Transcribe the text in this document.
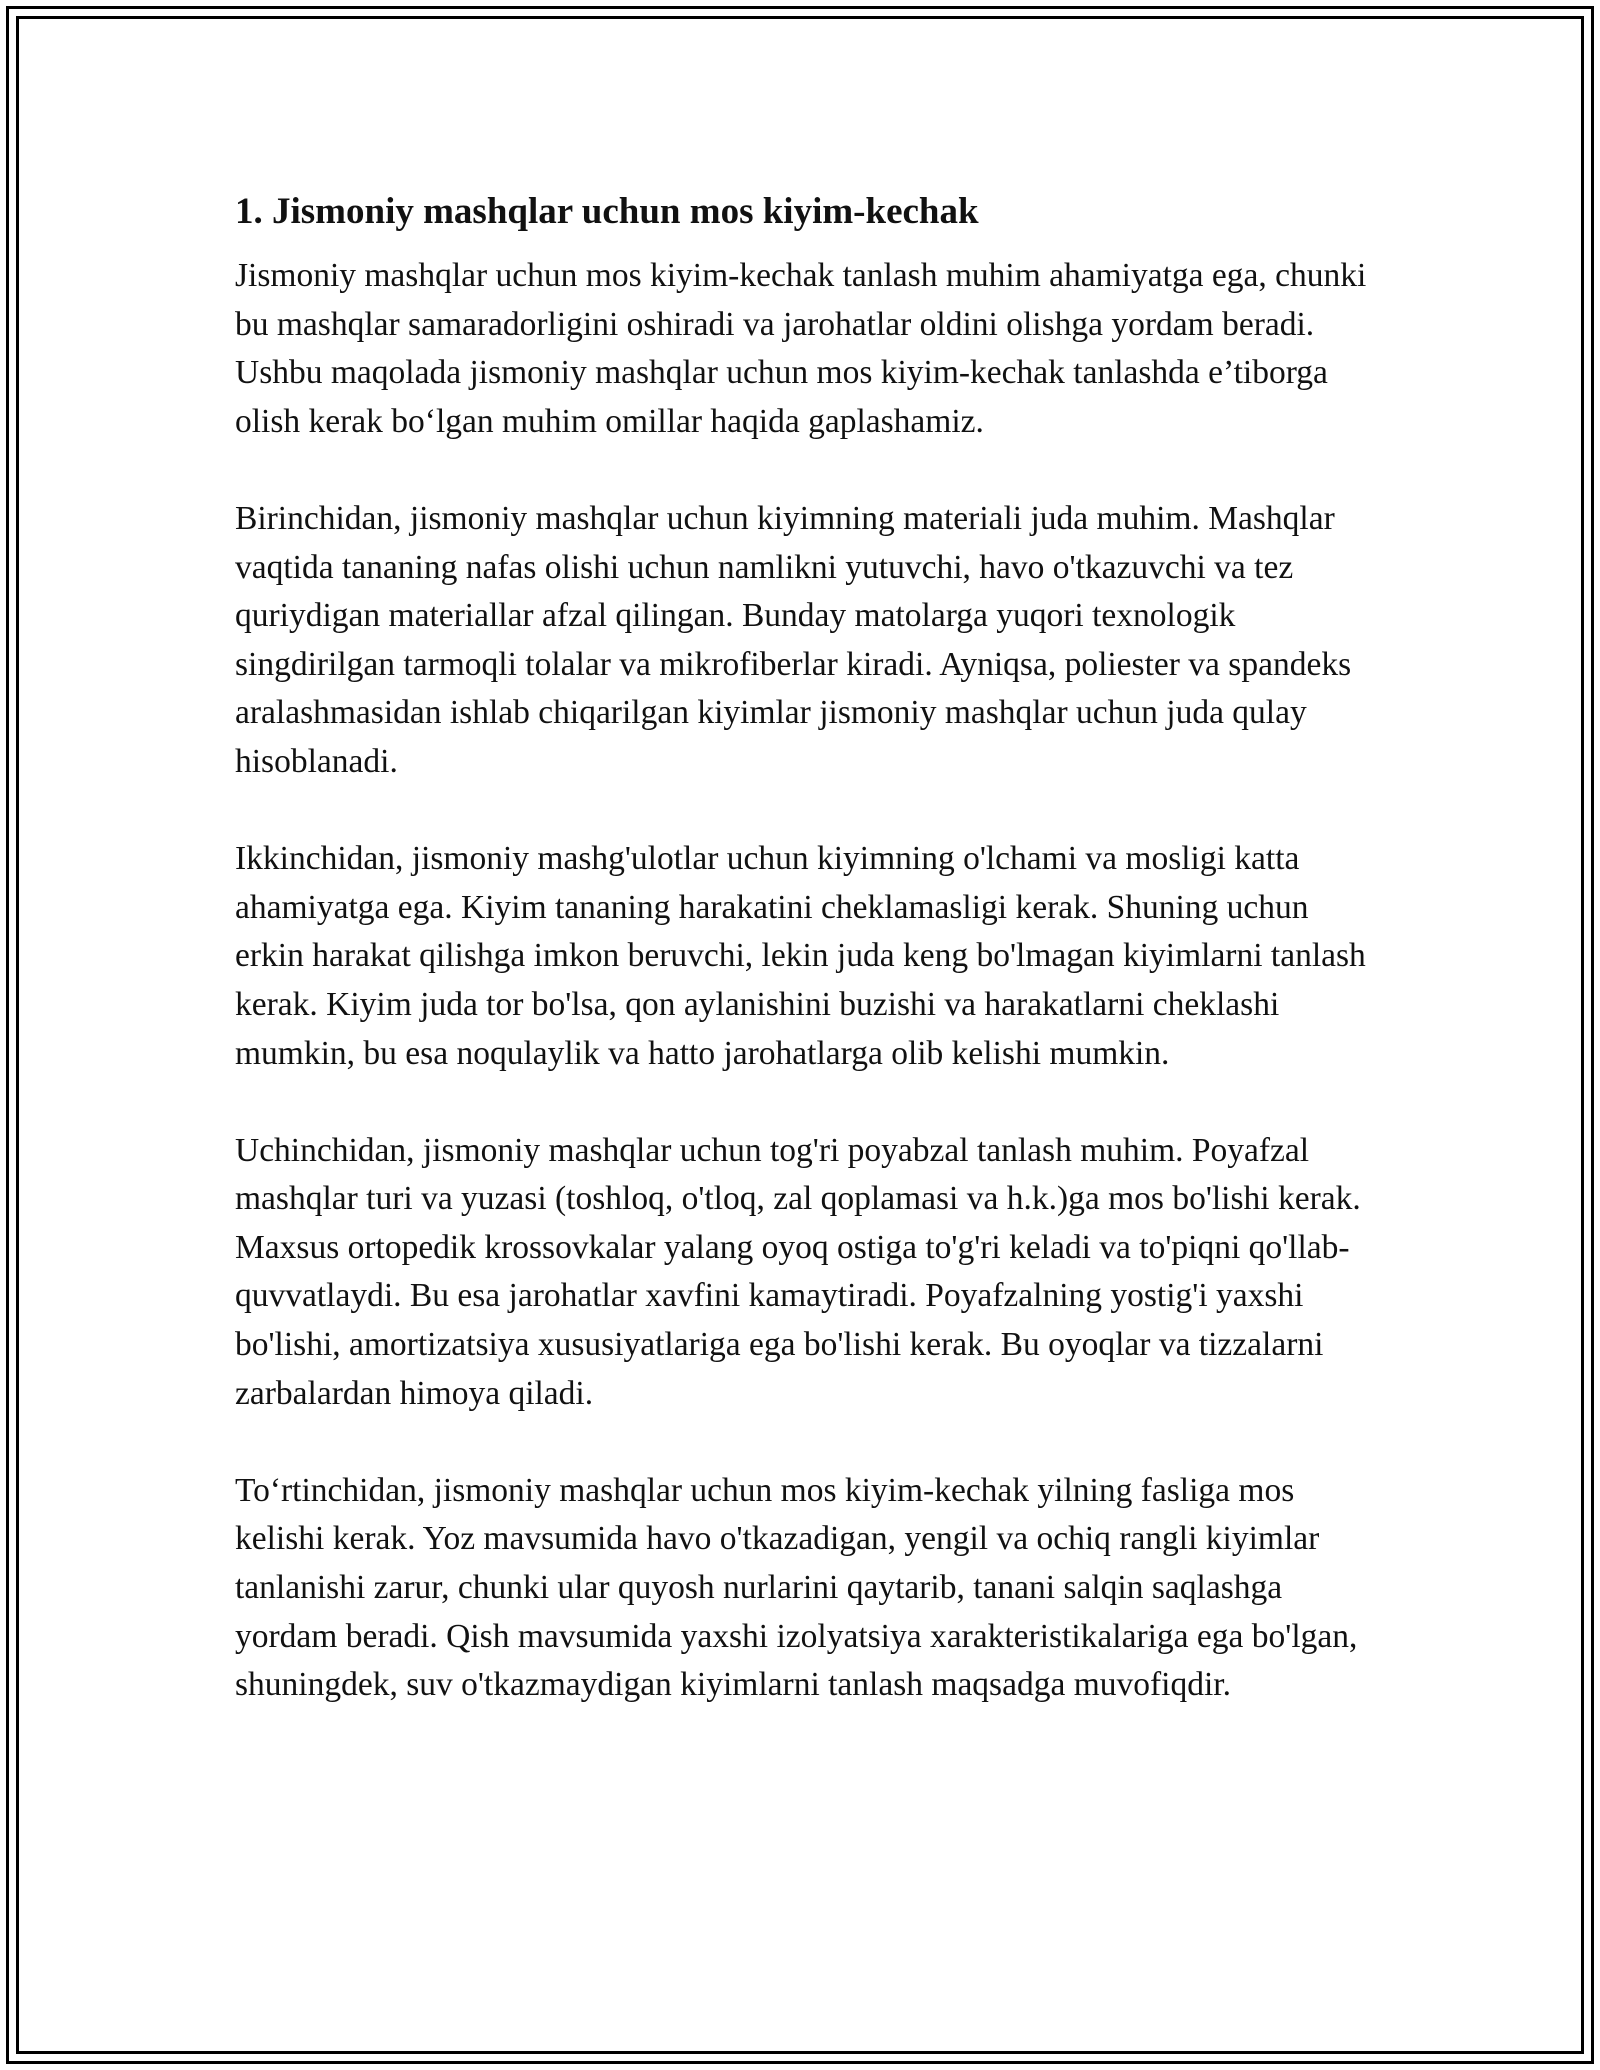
1. Jismoniy mashqlar uchun mos kiyim-kechak

Jismoniy mashqlar uchun mos kiyim-kechak tanlash muhim ahamiyatga ega, chunki bu mashqlar samaradorligini oshiradi va jarohatlar oldini olishga yordam beradi. Ushbu maqolada jismoniy mashqlar uchun mos kiyim-kechak tanlashda e’tiborga olish kerak bo‘lgan muhim omillar haqida gaplashamiz.

Birinchidan, jismoniy mashqlar uchun kiyimning materiali juda muhim. Mashqlar vaqtida tananing nafas olishi uchun namlikni yutuvchi, havo o'tkazuvchi va tez quriydigan materiallar afzal qilingan. Bunday matolarga yuqori texnologik singdirilgan tarmoqli tolalar va mikrofiberlar kiradi. Ayniqsa, poliester va spandeks aralashmasidan ishlab chiqarilgan kiyimlar jismoniy mashqlar uchun juda qulay hisoblanadi.

Ikkinchidan, jismoniy mashg'ulotlar uchun kiyimning o'lchami va mosligi katta ahamiyatga ega. Kiyim tananing harakatini cheklamasligi kerak. Shuning uchun erkin harakat qilishga imkon beruvchi, lekin juda keng bo'lmagan kiyimlarni tanlash kerak. Kiyim juda tor bo'lsa, qon aylanishini buzishi va harakatlarni cheklashi mumkin, bu esa noqulaylik va hatto jarohatlarga olib kelishi mumkin.

Uchinchidan, jismoniy mashqlar uchun tog'ri poyabzal tanlash muhim. Poyafzal mashqlar turi va yuzasi (toshloq, o'tloq, zal qoplamasi va h.k.)ga mos bo'lishi kerak. Maxsus ortopedik krossovkalar yalang oyoq ostiga to'g'ri keladi va to'piqni qo'llab-quvvatlaydi. Bu esa jarohatlar xavfini kamaytiradi. Poyafzalning yostig'i yaxshi bo'lishi, amortizatsiya xususiyatlariga ega bo'lishi kerak. Bu oyoqlar va tizzalarni zarbalardan himoya qiladi.

To‘rtinchidan, jismoniy mashqlar uchun mos kiyim-kechak yilning fasliga mos kelishi kerak. Yoz mavsumida havo o'tkazadigan, yengil va ochiq rangli kiyimlar tanlanishi zarur, chunki ular quyosh nurlarini qaytarib, tanani salqin saqlashga yordam beradi. Qish mavsumida yaxshi izolyatsiya xarakteristikalariga ega bo'lgan, shuningdek, suv o'tkazmaydigan kiyimlarni tanlash maqsadga muvofiqdir.
